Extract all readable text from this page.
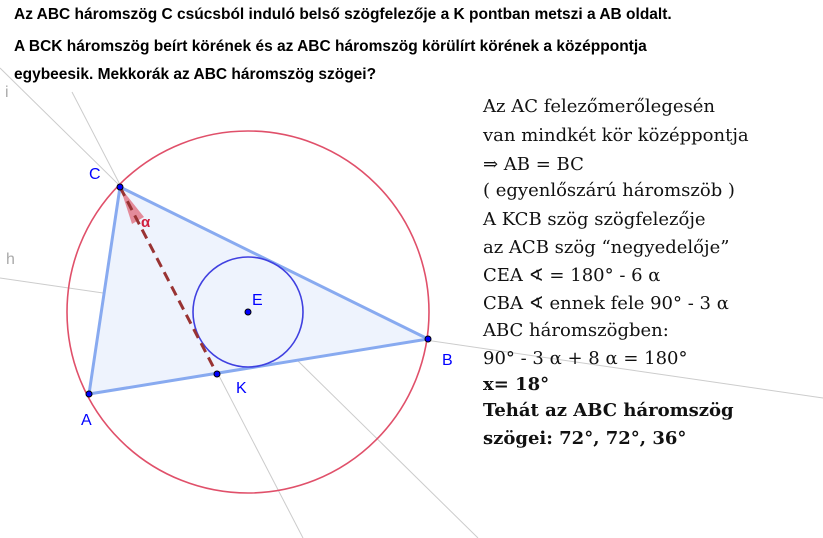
Az ABC háromszög C csúcsból induló belső szögfelezője a K pontban metszi a AB oldalt.
A BCK háromszög beírt körének és az ABC háromszög körülírt körének a középpontja
egybeesik. Mekkorák az ABC háromszög szögei?
i
h
C
B
A
K
E
α
Az AC felezőmerőlegesén
van mindkét kör középpontja
⇒ AB = BC
( egyenlőszárú háromszöb )
A KCB szög szögfelezője
az ACB szög “negyedelője”
CEA ∢ = 180° - 6 α
CBA ∢ ennek fele 90° - 3 α
ABC háromszögben:
90° - 3 α + 8 α = 180°
x= 18°
Tehát az ABC háromszög
szögei: 72°, 72°, 36°
